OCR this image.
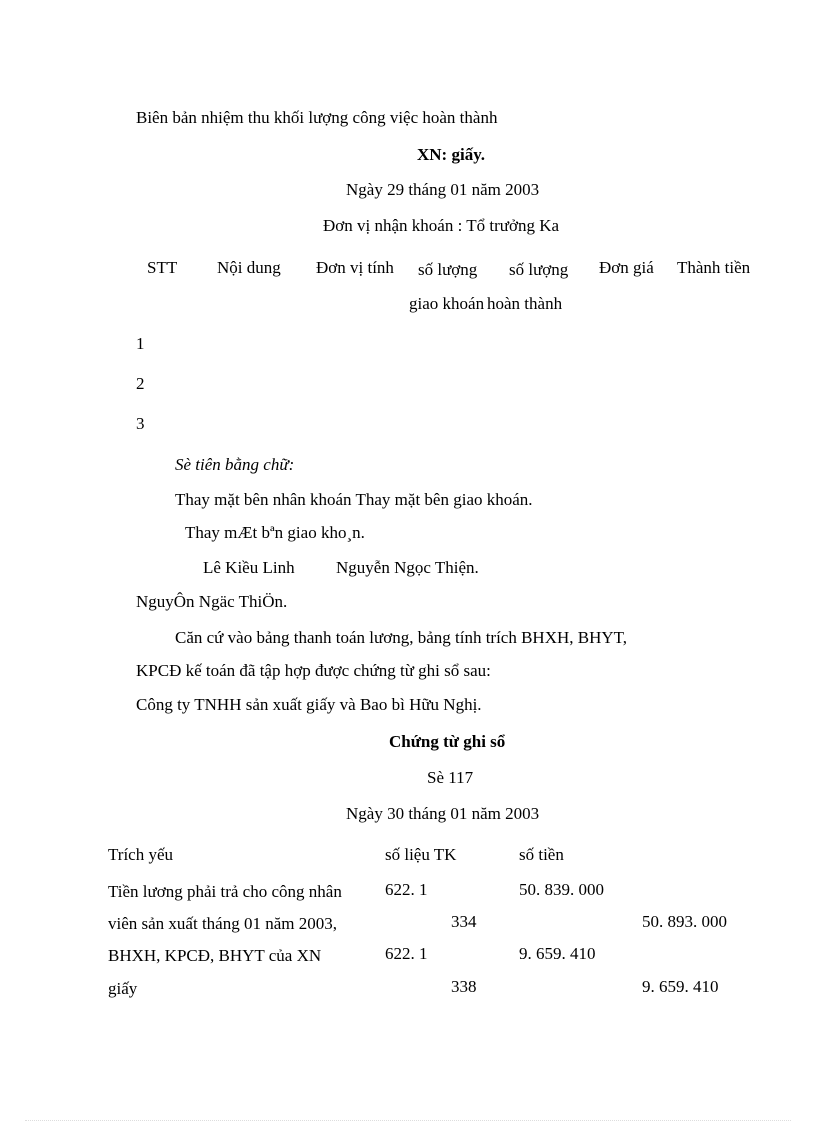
Biên bản nhiệm thu khối lượng công việc hoàn thành
XN: giấy.
Ngày 29 tháng 01 năm 2003
Đơn vị nhận khoán : Tổ trưởng Ka
STT Nội dung Đơn vị tính số lượng số lượng Đơn giá Thành tiền
giao khoán hoàn thành
1
2
3
Sè tiên bằng chữ:
Thay mặt bên nhân khoán Thay mặt bên giao khoán.
Thay mÆt bªn giao kho¸n.
Lê Kiều Linh Nguyễn Ngọc Thiện.
NguyÔn Ngäc ThiÖn.
Căn cứ vào bảng thanh toán lương, bảng tính trích BHXH, BHYT,
KPCĐ kế toán đã tập hợp được chứng từ ghi sổ sau:
Công ty TNHH sản xuất giấy và Bao bì Hữu Nghị.
Chứng từ ghi sổ
Sè 117
Ngày 30 tháng 01 năm 2003
Trích yếu	số liệu TK	số tiền
Tiền lương phải trả cho công nhân
viên sản xuất tháng 01 năm 2003,
BHXH, KPCĐ, BHYT của XN
giấy
622. 1
334
622. 1
338
50. 839. 000
9. 659. 410
50. 893. 000
9. 659. 410
